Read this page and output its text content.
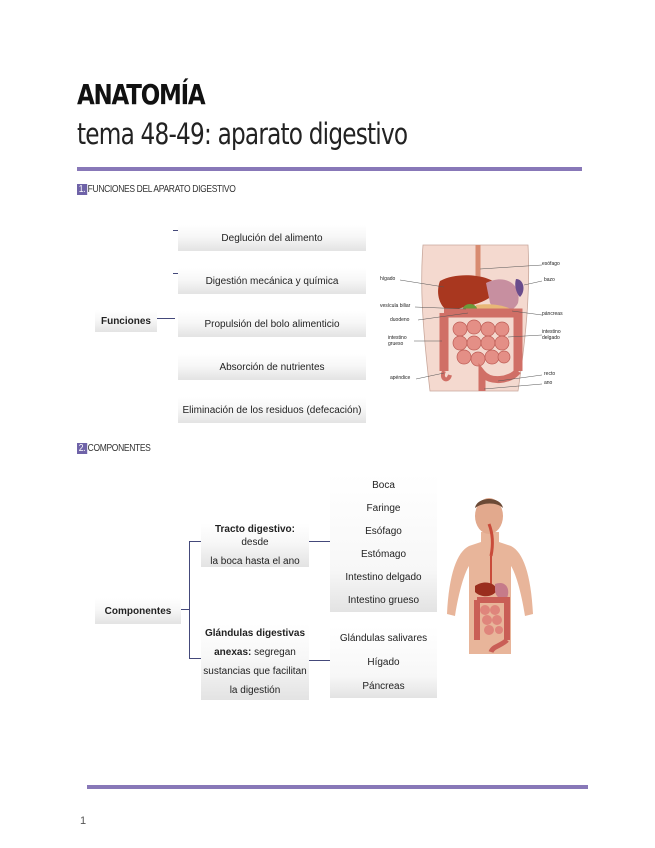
ANATOMÍA
tema 48-49: aparato digestivo
1. FUNCIONES DEL APARATO DIGESTIVO
Funciones
Deglución del alimento
Digestión mecánica y química
Propulsión del bolo alimenticio
Absorción de nutrientes
Eliminación de los residuos (defecación)
hígado
vesícula biliar
duodeno
intestino grueso
apéndice
esófago
bazo
páncreas
intestino delgado
recto
ano
2. COMPONENTES
Componentes
Tracto digestivo: desde
la boca hasta el ano
Glándulas digestivas
anexas: segregan
sustancias que facilitan
la digestión
Boca
Faringe
Esófago
Estómago
Intestino delgado
Intestino grueso
Glándulas salivares
Hígado
Páncreas
1
